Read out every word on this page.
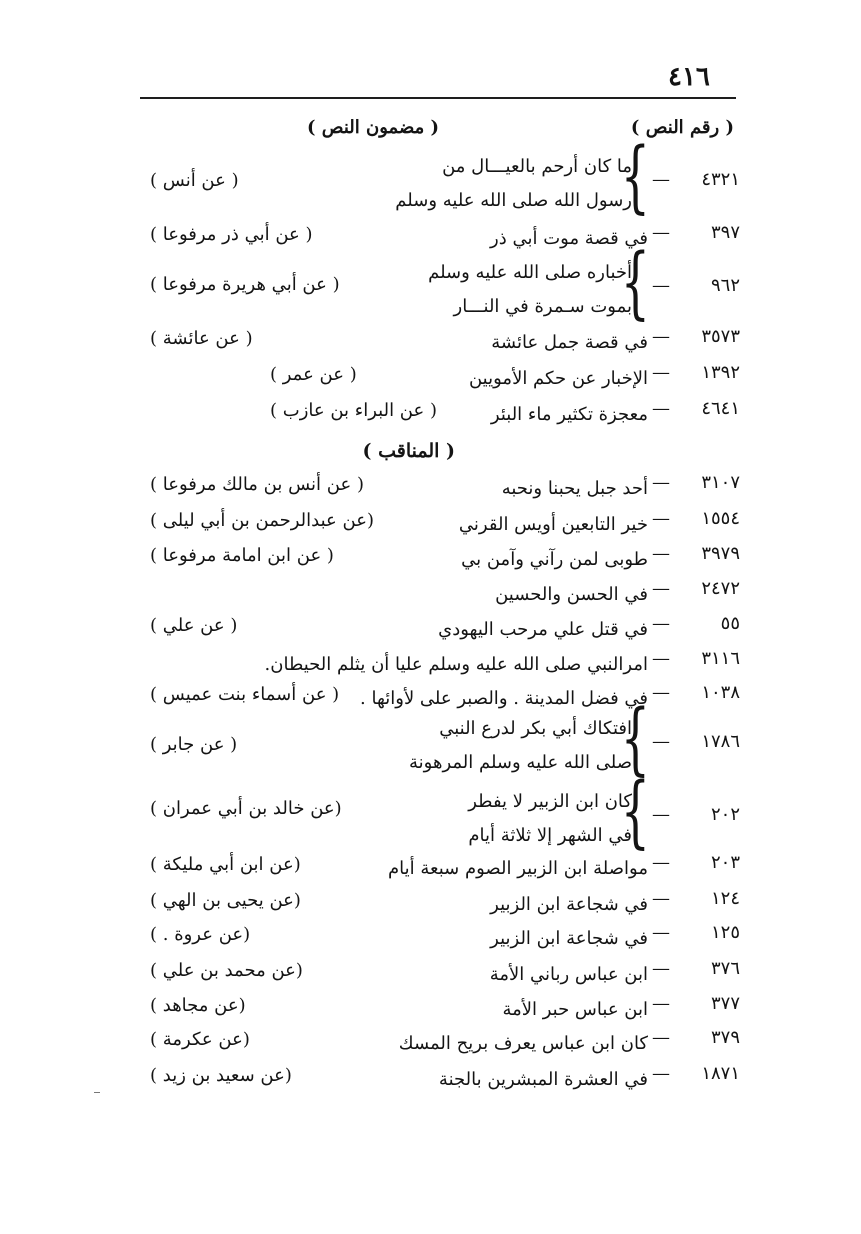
٤١٦
( رقم النص )
( مضمون النص )
( المناقب )
٤٣٢١
—
}
ما كان أرحم بالعيـــال من
رسول الله صلى الله عليه وسلم
( عن أنس )
٣٩٧
—
في قصة موت أبي ذر
( عن أبي ذر مرفوعا )
٩٦٢
—
}
أخباره صلى الله عليه وسلم
بموت سـمرة في النـــار
( عن أبي هريرة مرفوعا )
٣٥٧٣
—
في قصة جمل عائشة
( عن عائشة )
١٣٩٢
—
الإخبار عن حكم الأمويين
( عن عمر )
٤٦٤١
—
معجزة تكثير ماء البئر
( عن البراء بن عازب )
٣١٠٧
—
أحد جبل يحبنا ونحبه
( عن أنس بن مالك مرفوعا )
١٥٥٤
—
خير التابعين أويس القرني
(عن عبدالرحمن بن أبي ليلى )
٣٩٧٩
—
طوبى لمن رآني وآمن بي
( عن ابن امامة مرفوعا )
٢٤٧٢
—
في الحسن والحسين
٥٥
—
في قتل علي مرحب اليهودي
( عن علي )
٣١١٦
—
امرالنبي صلى الله عليه وسلم عليا أن يثلم الحيطان.
١٠٣٨
—
في فضل المدينة . والصبر على لأوائها .
( عن أسماء بنت عميس )
١٧٨٦
—
}
افتكاك أبي بكر لدرع النبي
صلى الله عليه وسلم المرهونة
( عن جابر )
٢٠٢
—
}
كان ابن الزبير لا يفطر
في الشهر إلا ثلاثة أيام
(عن خالد بن أبي عمران )
٢٠٣
—
مواصلة ابن الزبير الصوم سبعة أيام
(عن ابن أبي مليكة )
١٢٤
—
في شجاعة ابن الزبير
(عن يحيى بن الهي )
١٢٥
—
في شجاعة ابن الزبير
(عن عروة . )
٣٧٦
—
ابن عباس رباني الأمة
(عن محمد بن علي )
٣٧٧
—
ابن عباس حبر الأمة
(عن مجاهد )
٣٧٩
—
كان ابن عباس يعرف بريح المسك
(عن عكرمة )
١٨٧١
—
في العشرة المبشرين بالجنة
(عن سعيد بن زيد )
